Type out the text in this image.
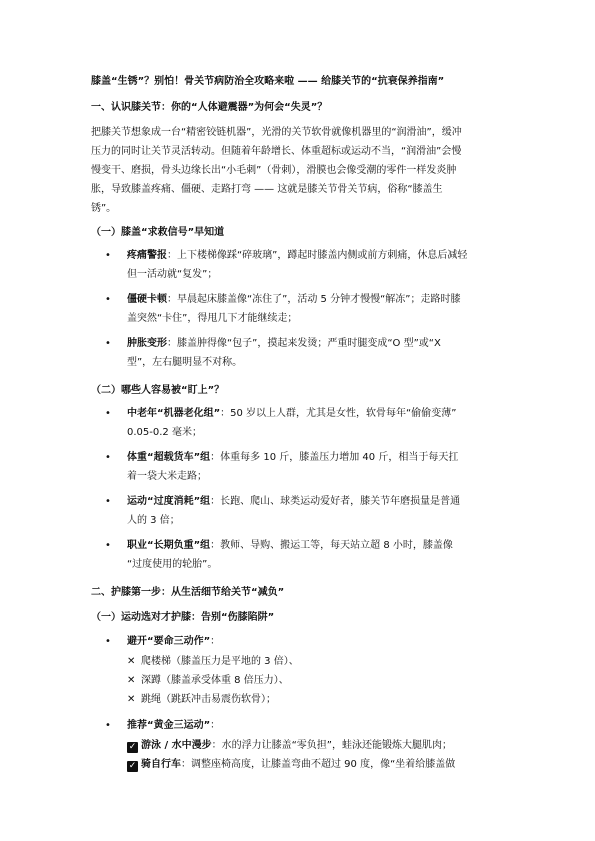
膝盖“生锈”？别怕！骨关节病防治全攻略来啦 —— 给膝关节的“抗衰保养指南”
一、认识膝关节：你的“人体避震器”为何会“失灵”？
把膝关节想象成一台“精密铰链机器”，光滑的关节软骨就像机器里的“润滑油”，缓冲
压力的同时让关节灵活转动。但随着年龄增长、体重超标或运动不当，“润滑油”会慢
慢变干、磨损，骨头边缘长出“小毛刺”（骨刺），滑膜也会像受潮的零件一样发炎肿
胀，导致膝盖疼痛、僵硬、走路打弯 —— 这就是膝关节骨关节病，俗称“膝盖生
锈”。
（一）膝盖“求救信号”早知道
• 疼痛警报：上下楼梯像踩“碎玻璃”，蹲起时膝盖内侧或前方刺痛，休息后减轻
但一活动就“复发”；
• 僵硬卡顿：早晨起床膝盖像“冻住了”，活动 5 分钟才慢慢“解冻”；走路时膝
盖突然“卡住”，得甩几下才能继续走；
• 肿胀变形：膝盖肿得像“包子”，摸起来发烫；严重时腿变成“O 型”或“X
型”，左右腿明显不对称。
（二）哪些人容易被“盯上”？
• 中老年“机器老化组”：50 岁以上人群，尤其是女性，软骨每年“偷偷变薄”
0.05-0.2 毫米；
• 体重“超载货车”组：体重每多 10 斤，膝盖压力增加 40 斤，相当于每天扛
着一袋大米走路；
• 运动“过度消耗”组：长跑、爬山、球类运动爱好者，膝关节年磨损量是普通
人的 3 倍；
• 职业“长期负重”组：教师、导购、搬运工等，每天站立超 8 小时，膝盖像
“过度使用的轮胎”。
二、护膝第一步：从生活细节给关节“减负”
（一）运动选对才护膝：告别“伤膝陷阱”
• 避开“要命三动作”：
✕ 爬楼梯（膝盖压力是平地的 3 倍）、
✕ 深蹲（膝盖承受体重 8 倍压力）、
✕ 跳绳（跳跃冲击易震伤软骨）；
• 推荐“黄金三运动”：
✓ 游泳 / 水中漫步：水的浮力让膝盖“零负担”，蛙泳还能锻炼大腿肌肉；
✓ 骑自行车：调整座椅高度，让膝盖弯曲不超过 90 度，像“坐着给膝盖做
